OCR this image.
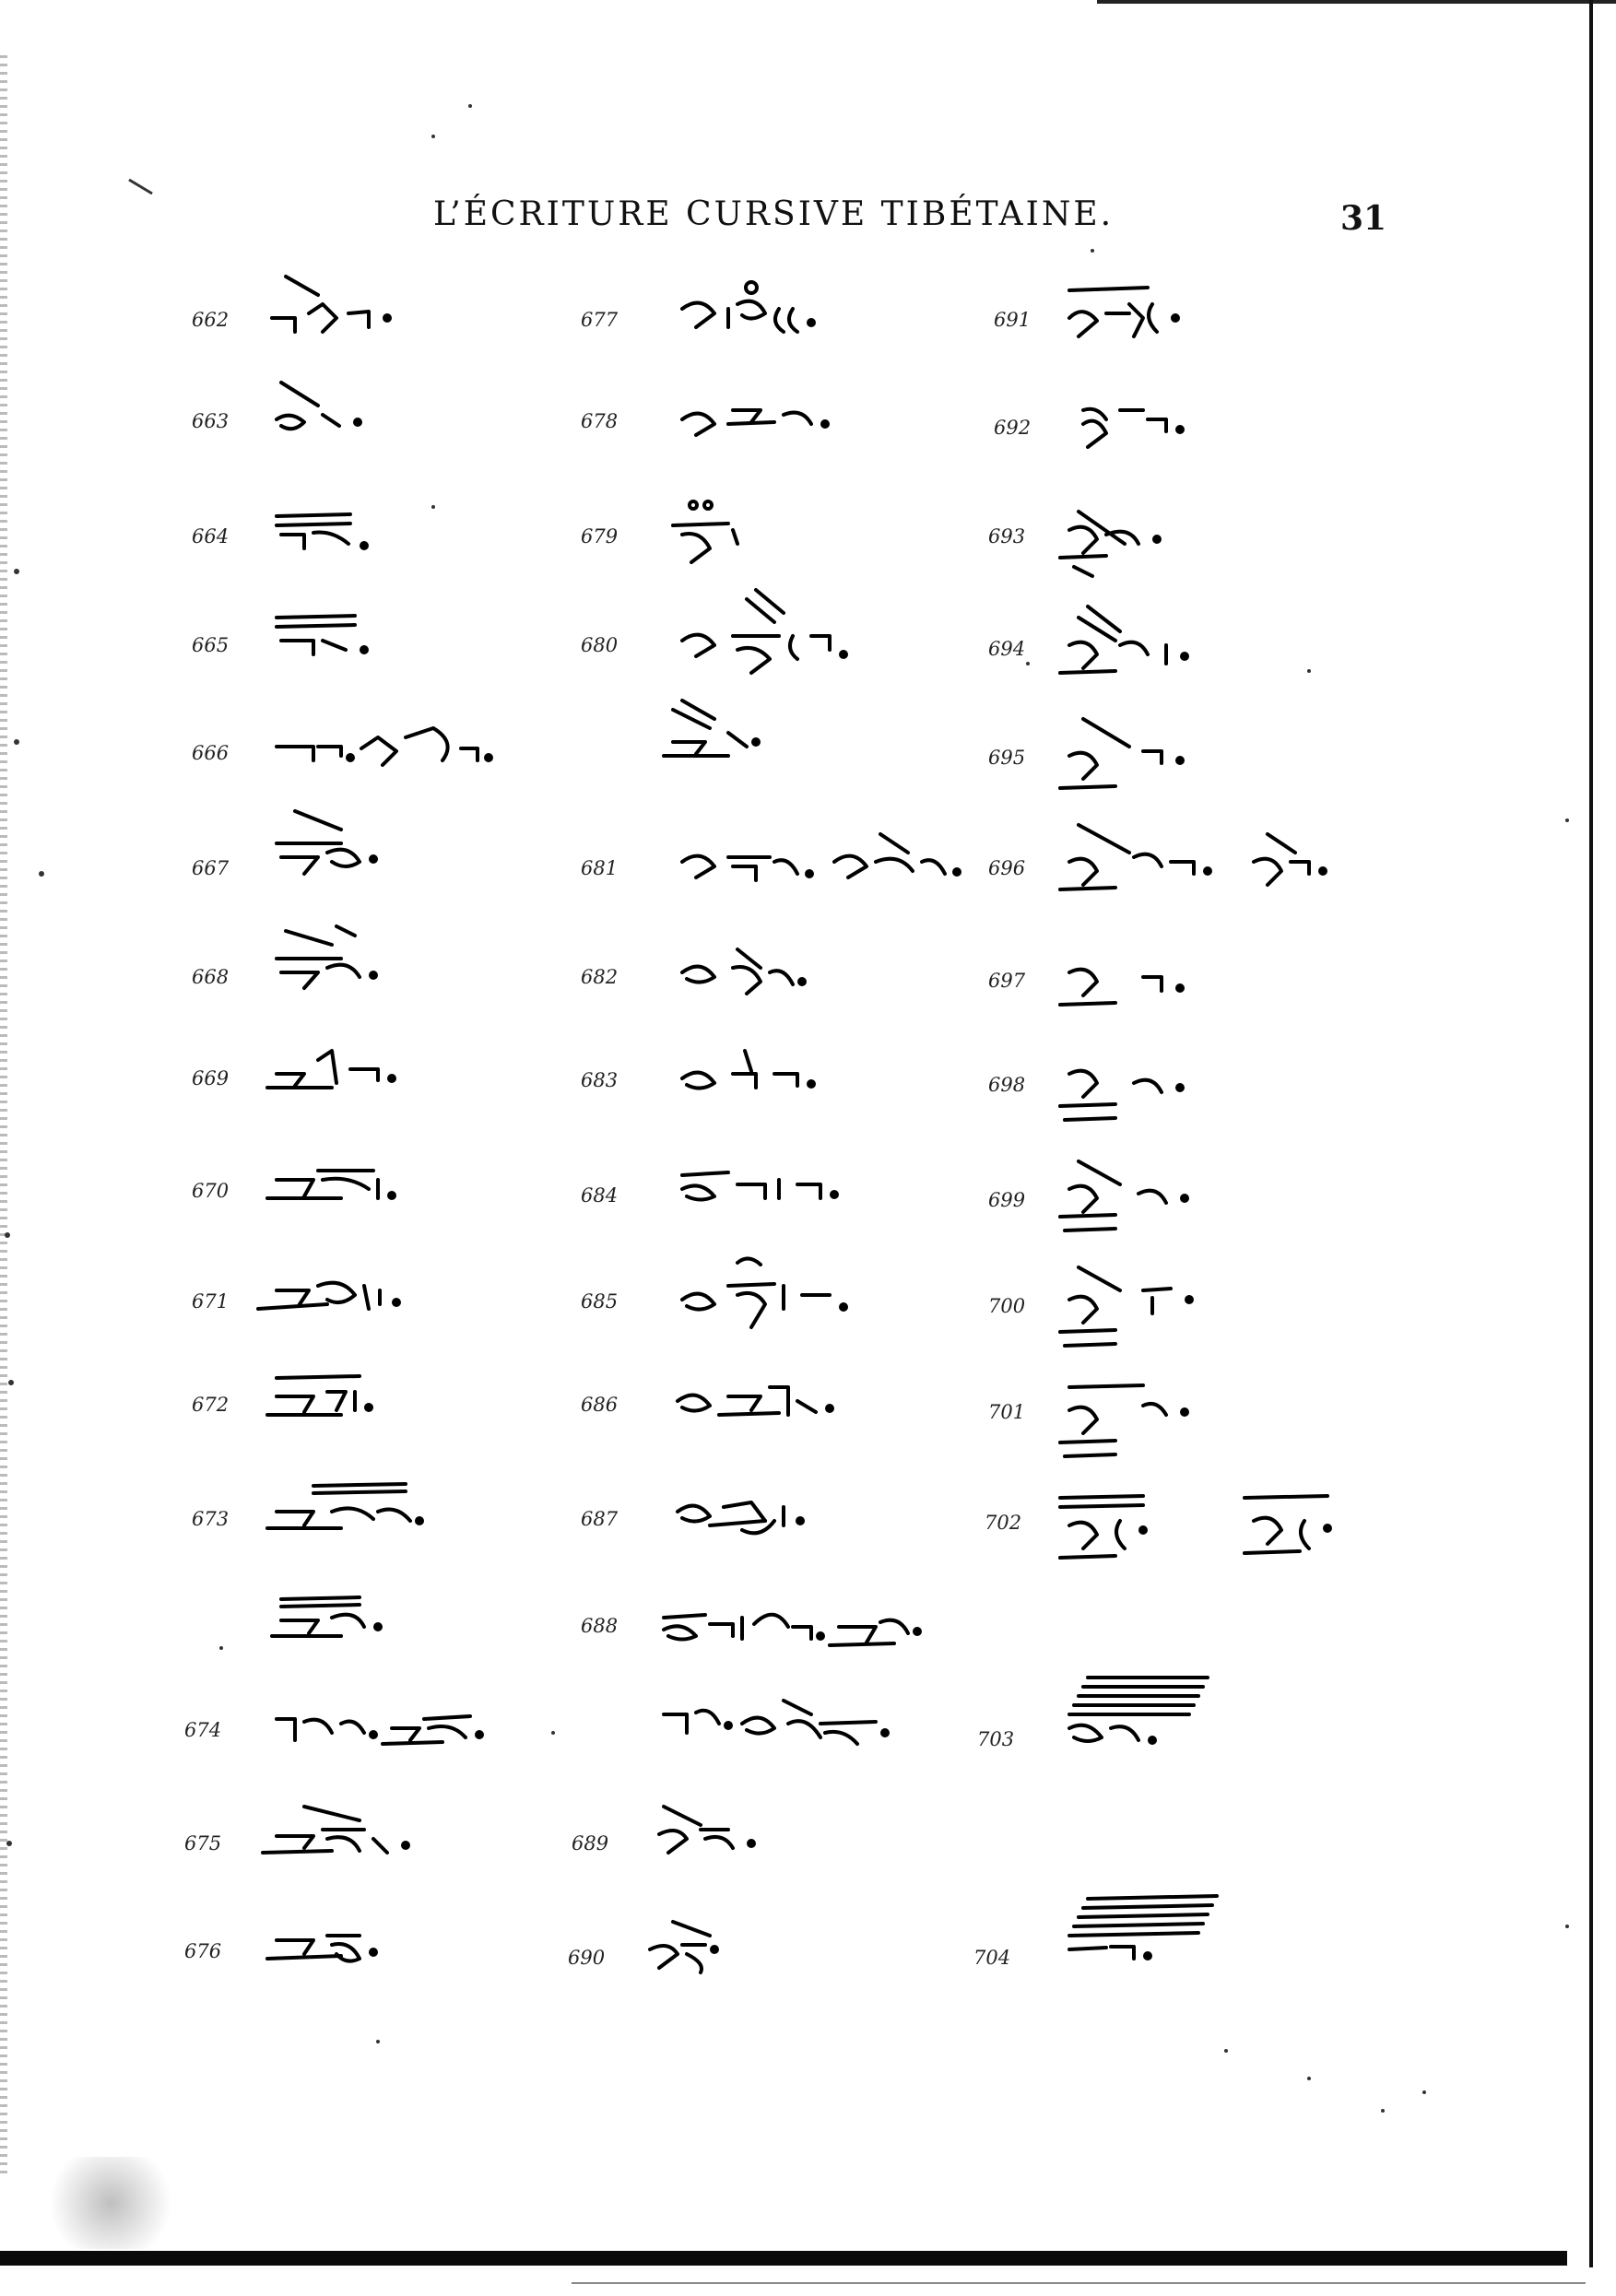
L’ÉCRITURE CURSIVE TIBÉTAINE.	31
662
663
664
665
666
667
668
669
670
671
672
673
674
675
676
677
678
679
680
681
682
683
684
685
686
687
688
689
690
691
692
693
694
695
696
697
698
699
700
701
702
703
704
